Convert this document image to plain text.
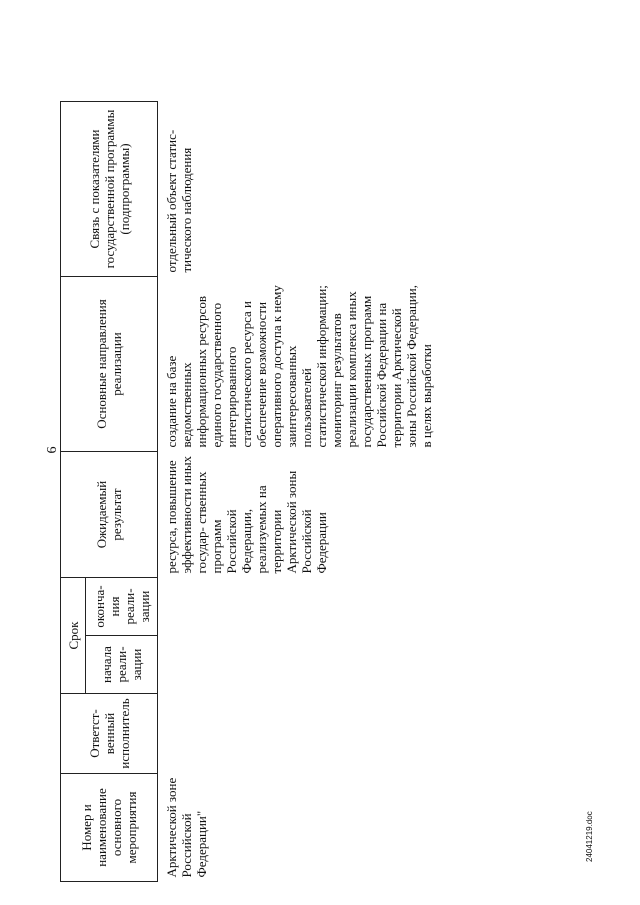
6
Номер и наименование основного мероприятия	Ответст- венный исполнитель	Срок		Ожидаемый результат	Основные направления реализации	Связь с показателями государственной программы (подпрограммы)
		начала реали- зации	оконча- ния реали- зации			
Арктической зоне Российской Федерации"				ресурса, повышение эффективности иных государ- ственных программ Российской Федерации, реализуемых на территории Арктической зоны Российской Федерации	создание на базе ведомственных информационных ресурсов единого государственного интегрированного статистического ресурса и обеспечение возможности оперативного доступа к нему заинтересованных пользователей статистической информации; мониторинг результатов реализации комплекса иных государственных программ Российской Федерации на территории Арктической зоны Российской Федерации, в целях выработки	отдельный объект статис- тического наблюдения
24041219.doc
